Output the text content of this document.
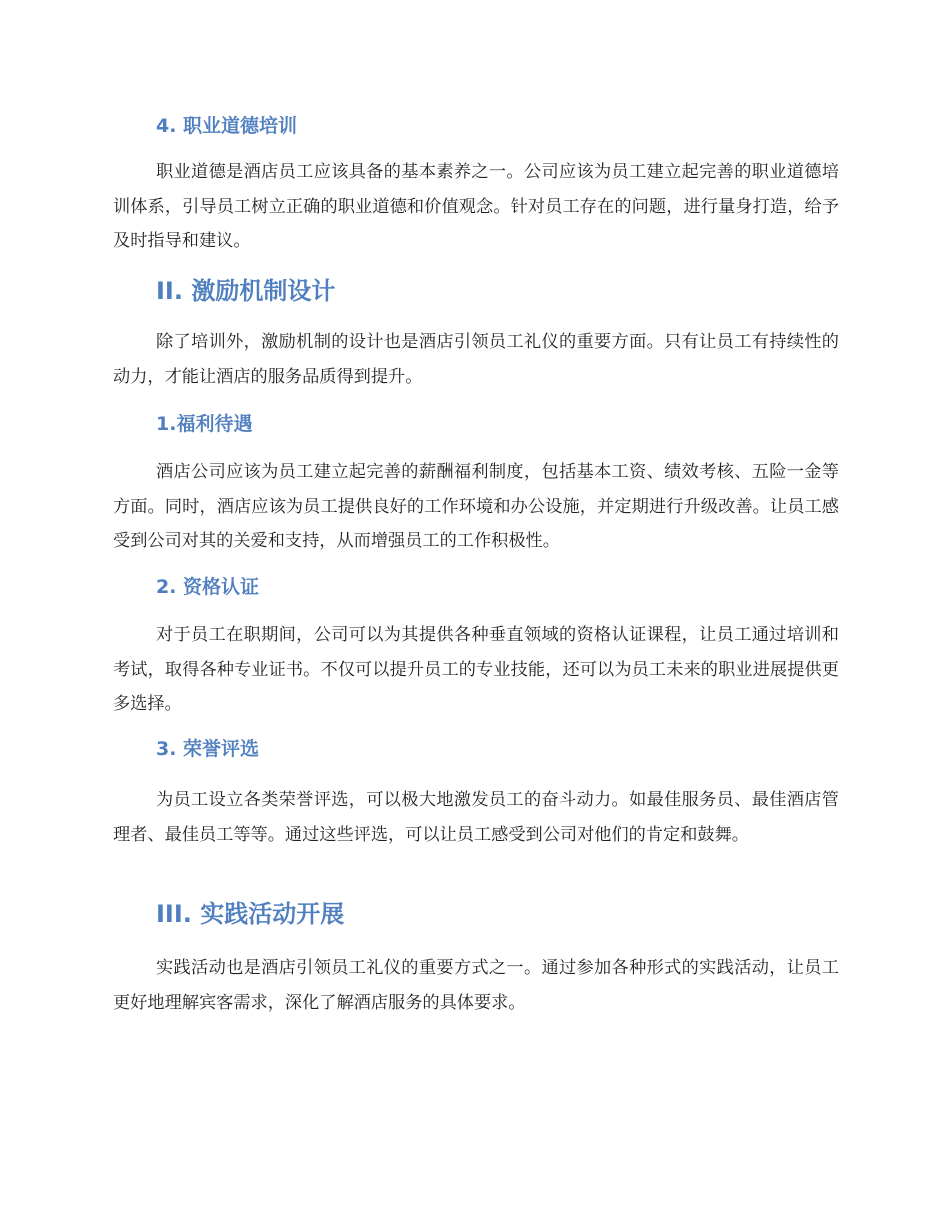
4. 职业道德培训

职业道德是酒店员工应该具备的基本素养之一。公司应该为员工建立起完善的职业道德培训体系，引导员工树立正确的职业道德和价值观念。针对员工存在的问题，进行量身打造，给予及时指导和建议。

II. 激励机制设计

除了培训外，激励机制的设计也是酒店引领员工礼仪的重要方面。只有让员工有持续性的动力，才能让酒店的服务品质得到提升。

1.福利待遇

酒店公司应该为员工建立起完善的薪酬福利制度，包括基本工资、绩效考核、五险一金等方面。同时，酒店应该为员工提供良好的工作环境和办公设施，并定期进行升级改善。让员工感受到公司对其的关爱和支持，从而增强员工的工作积极性。

2. 资格认证

对于员工在职期间，公司可以为其提供各种垂直领域的资格认证课程，让员工通过培训和考试，取得各种专业证书。不仅可以提升员工的专业技能，还可以为员工未来的职业进展提供更多选择。

3. 荣誉评选

为员工设立各类荣誉评选，可以极大地激发员工的奋斗动力。如最佳服务员、最佳酒店管理者、最佳员工等等。通过这些评选，可以让员工感受到公司对他们的肯定和鼓舞。

III. 实践活动开展

实践活动也是酒店引领员工礼仪的重要方式之一。通过参加各种形式的实践活动，让员工更好地理解宾客需求，深化了解酒店服务的具体要求。
